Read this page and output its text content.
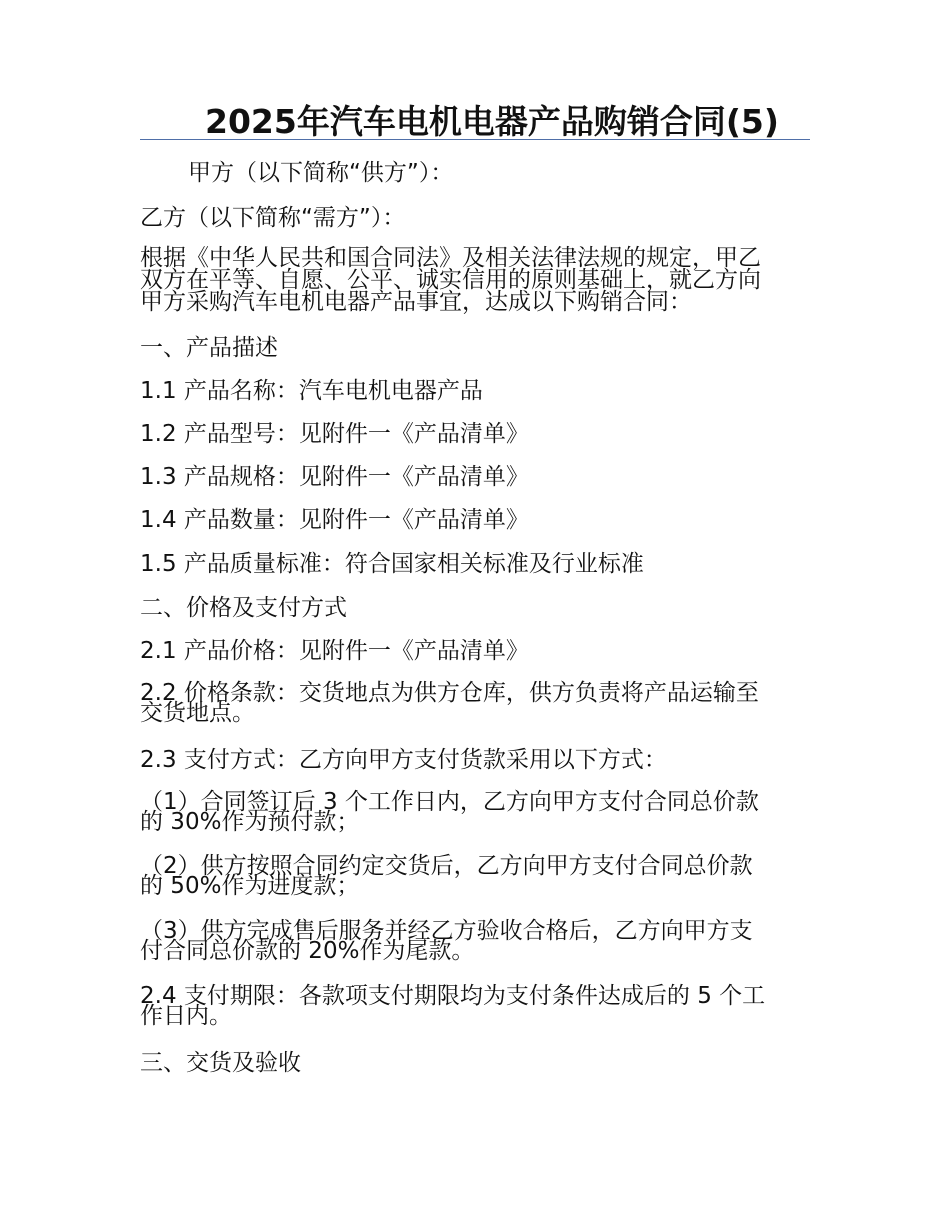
2025年汽车电机电器产品购销合同(5)
甲方（以下简称“供方”）：
乙方（以下简称“需方”）：
根据《中华人民共和国合同法》及相关法律法规的规定，甲乙
双方在平等、自愿、公平、诚实信用的原则基础上，就乙方向
甲方采购汽车电机电器产品事宜，达成以下购销合同：
一、产品描述
1.1 产品名称：汽车电机电器产品
1.2 产品型号：见附件一《产品清单》
1.3 产品规格：见附件一《产品清单》
1.4 产品数量：见附件一《产品清单》
1.5 产品质量标准：符合国家相关标准及行业标准
二、价格及支付方式
2.1 产品价格：见附件一《产品清单》
2.2 价格条款：交货地点为供方仓库，供方负责将产品运输至
交货地点。
2.3 支付方式：乙方向甲方支付货款采用以下方式：
（1）合同签订后 3 个工作日内，乙方向甲方支付合同总价款
的 30%作为预付款；
（2）供方按照合同约定交货后，乙方向甲方支付合同总价款
的 50%作为进度款；
（3）供方完成售后服务并经乙方验收合格后，乙方向甲方支
付合同总价款的 20%作为尾款。
2.4 支付期限：各款项支付期限均为支付条件达成后的 5 个工
作日内。
三、交货及验收
